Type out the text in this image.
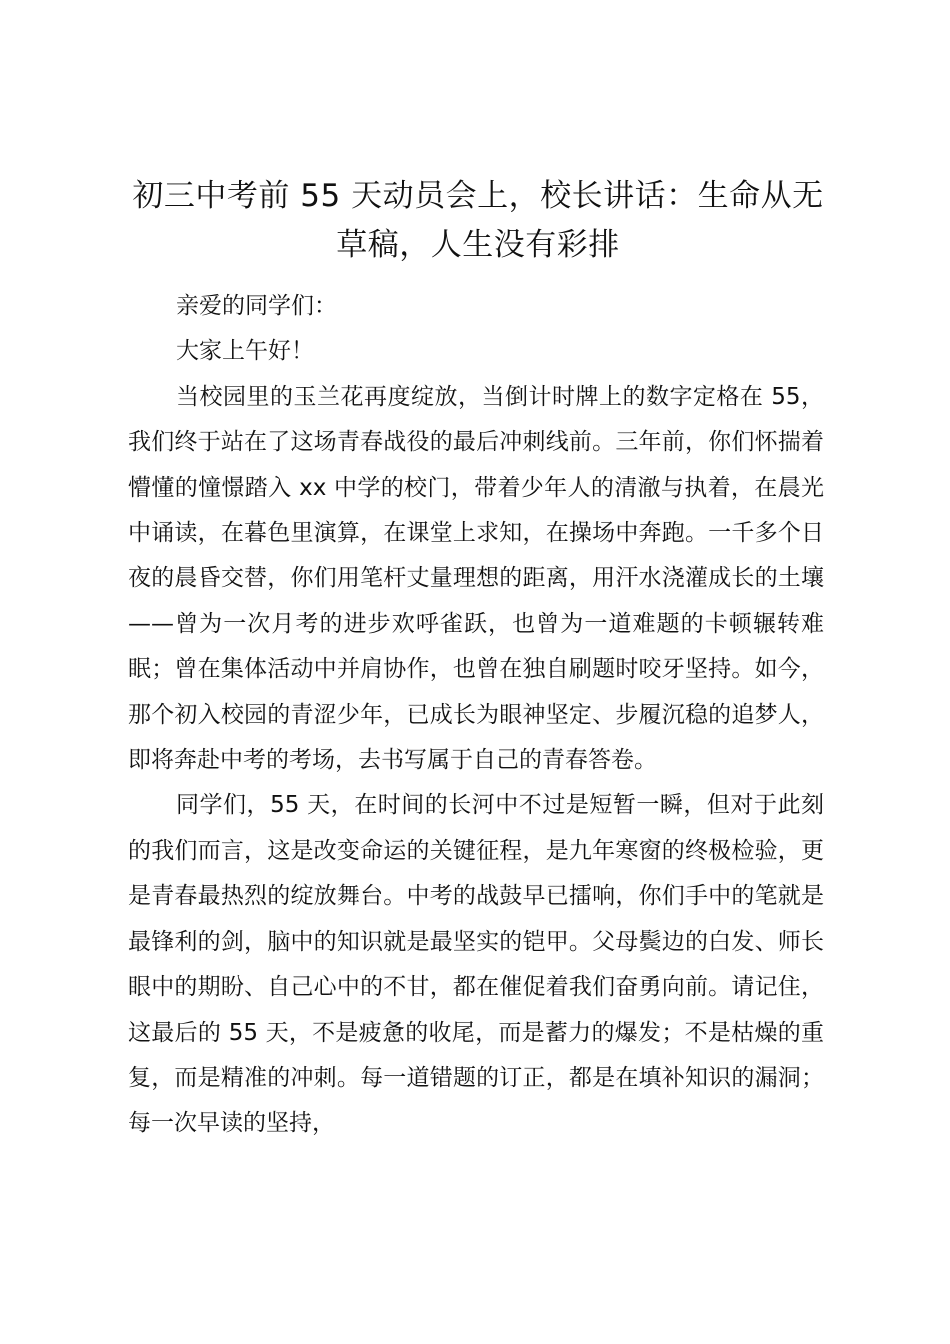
初三中考前 55 天动员会上，校长讲话：生命从无草稿，人生没有彩排

亲爱的同学们：

大家上午好！

当校园里的玉兰花再度绽放，当倒计时牌上的数字定格在 55，我们终于站在了这场青春战役的最后冲刺线前。三年前，你们怀揣着懵懂的憧憬踏入 xx 中学的校门，带着少年人的清澈与执着，在晨光中诵读，在暮色里演算，在课堂上求知，在操场中奔跑。一千多个日夜的晨昏交替，你们用笔杆丈量理想的距离，用汗水浇灌成长的土壤——曾为一次月考的进步欢呼雀跃，也曾为一道难题的卡顿辗转难眠；曾在集体活动中并肩协作，也曾在独自刷题时咬牙坚持。如今，那个初入校园的青涩少年，已成长为眼神坚定、步履沉稳的追梦人，即将奔赴中考的考场，去书写属于自己的青春答卷。

同学们，55 天，在时间的长河中不过是短暂一瞬，但对于此刻的我们而言，这是改变命运的关键征程，是九年寒窗的终极检验，更是青春最热烈的绽放舞台。中考的战鼓早已擂响，你们手中的笔就是最锋利的剑，脑中的知识就是最坚实的铠甲。父母鬓边的白发、师长眼中的期盼、自己心中的不甘，都在催促着我们奋勇向前。请记住，这最后的 55 天，不是疲惫的收尾，而是蓄力的爆发；不是枯燥的重复，而是精准的冲刺。每一道错题的订正，都是在填补知识的漏洞；每一次早读的坚持，
